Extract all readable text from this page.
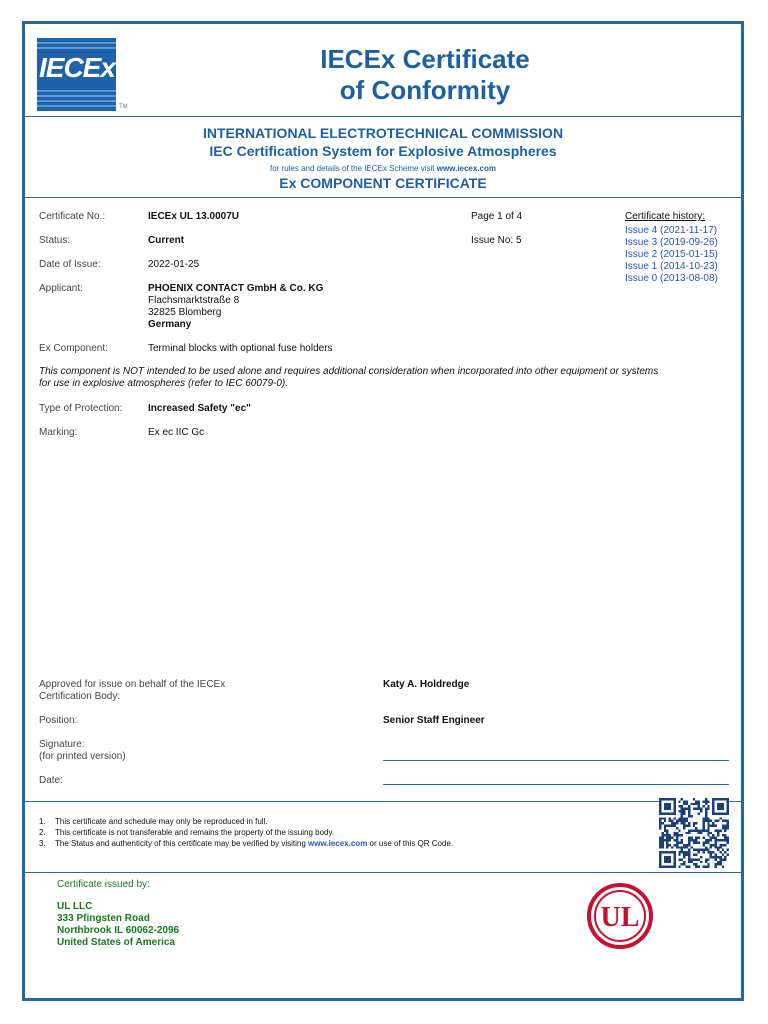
IECEx
TM
IECEx Certificate
of Conformity
INTERNATIONAL ELECTROTECHNICAL COMMISSION
IEC Certification System for Explosive Atmospheres
for rules and details of the IECEx Scheme visit www.iecex.com
Ex COMPONENT CERTIFICATE
Certificate No.:	IECEx UL 13.0007U	Page 1 of 4
Status:	Current	Issue No: 5
Date of Issue:	2022-01-25
Certificate history:
Issue 4 (2021-11-17)
Issue 3 (2019-09-26)
Issue 2 (2015-01-15)
Issue 1 (2014-10-23)
Issue 0 (2013-08-08)
Applicant:	PHOENIX CONTACT GmbH & Co. KG
Flachsmarktstraße 8
32825 Blomberg
Germany
Ex Component:	Terminal blocks with optional fuse holders
This component is NOT intended to be used alone and requires additional consideration when incorporated into other equipment or systems
for use in explosive atmospheres (refer to IEC 60079-0).
Type of Protection:	Increased Safety "ec"
Marking:	Ex ec IIC Gc
Approved for issue on behalf of the IECEx
Certification Body:
Katy A. Holdredge
Position:	Senior Staff Engineer
Signature:
(for printed version)
Date:
1. This certificate and schedule may only be reproduced in full.
2. This certificate is not transferable and remains the property of the issuing body.
3. The Status and authenticity of this certificate may be verified by visiting www.iecex.com or use of this QR Code.
Certificate issued by:
UL LLC
333 Pfingsten Road
Northbrook IL 60062-2096
United States of America
UL
